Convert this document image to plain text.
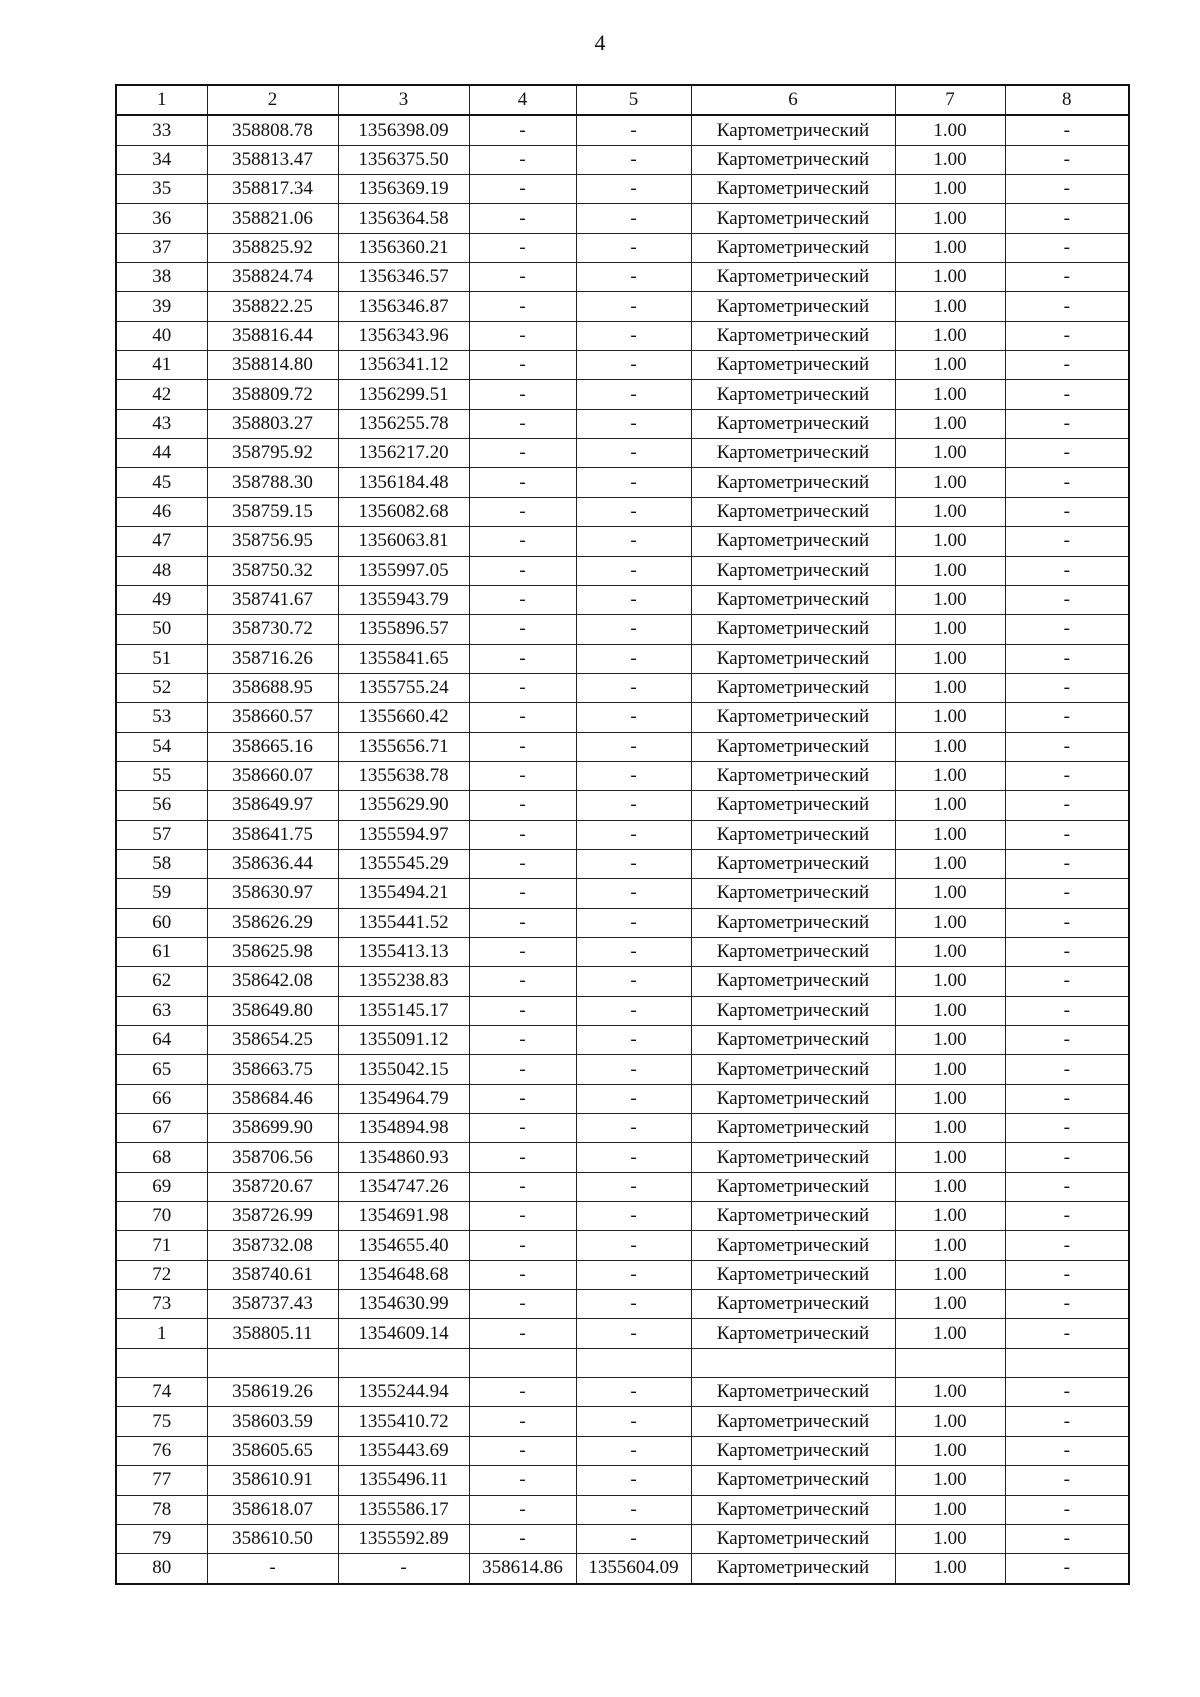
4
1	2	3	4	5	6	7	8
33	358808.78	1356398.09	-	-	Картометрический	1.00	-
34	358813.47	1356375.50	-	-	Картометрический	1.00	-
35	358817.34	1356369.19	-	-	Картометрический	1.00	-
36	358821.06	1356364.58	-	-	Картометрический	1.00	-
37	358825.92	1356360.21	-	-	Картометрический	1.00	-
38	358824.74	1356346.57	-	-	Картометрический	1.00	-
39	358822.25	1356346.87	-	-	Картометрический	1.00	-
40	358816.44	1356343.96	-	-	Картометрический	1.00	-
41	358814.80	1356341.12	-	-	Картометрический	1.00	-
42	358809.72	1356299.51	-	-	Картометрический	1.00	-
43	358803.27	1356255.78	-	-	Картометрический	1.00	-
44	358795.92	1356217.20	-	-	Картометрический	1.00	-
45	358788.30	1356184.48	-	-	Картометрический	1.00	-
46	358759.15	1356082.68	-	-	Картометрический	1.00	-
47	358756.95	1356063.81	-	-	Картометрический	1.00	-
48	358750.32	1355997.05	-	-	Картометрический	1.00	-
49	358741.67	1355943.79	-	-	Картометрический	1.00	-
50	358730.72	1355896.57	-	-	Картометрический	1.00	-
51	358716.26	1355841.65	-	-	Картометрический	1.00	-
52	358688.95	1355755.24	-	-	Картометрический	1.00	-
53	358660.57	1355660.42	-	-	Картометрический	1.00	-
54	358665.16	1355656.71	-	-	Картометрический	1.00	-
55	358660.07	1355638.78	-	-	Картометрический	1.00	-
56	358649.97	1355629.90	-	-	Картометрический	1.00	-
57	358641.75	1355594.97	-	-	Картометрический	1.00	-
58	358636.44	1355545.29	-	-	Картометрический	1.00	-
59	358630.97	1355494.21	-	-	Картометрический	1.00	-
60	358626.29	1355441.52	-	-	Картометрический	1.00	-
61	358625.98	1355413.13	-	-	Картометрический	1.00	-
62	358642.08	1355238.83	-	-	Картометрический	1.00	-
63	358649.80	1355145.17	-	-	Картометрический	1.00	-
64	358654.25	1355091.12	-	-	Картометрический	1.00	-
65	358663.75	1355042.15	-	-	Картометрический	1.00	-
66	358684.46	1354964.79	-	-	Картометрический	1.00	-
67	358699.90	1354894.98	-	-	Картометрический	1.00	-
68	358706.56	1354860.93	-	-	Картометрический	1.00	-
69	358720.67	1354747.26	-	-	Картометрический	1.00	-
70	358726.99	1354691.98	-	-	Картометрический	1.00	-
71	358732.08	1354655.40	-	-	Картометрический	1.00	-
72	358740.61	1354648.68	-	-	Картометрический	1.00	-
73	358737.43	1354630.99	-	-	Картометрический	1.00	-
1	358805.11	1354609.14	-	-	Картометрический	1.00	-

74	358619.26	1355244.94	-	-	Картометрический	1.00	-
75	358603.59	1355410.72	-	-	Картометрический	1.00	-
76	358605.65	1355443.69	-	-	Картометрический	1.00	-
77	358610.91	1355496.11	-	-	Картометрический	1.00	-
78	358618.07	1355586.17	-	-	Картометрический	1.00	-
79	358610.50	1355592.89	-	-	Картометрический	1.00	-
80	-	-	358614.86	1355604.09	Картометрический	1.00	-
